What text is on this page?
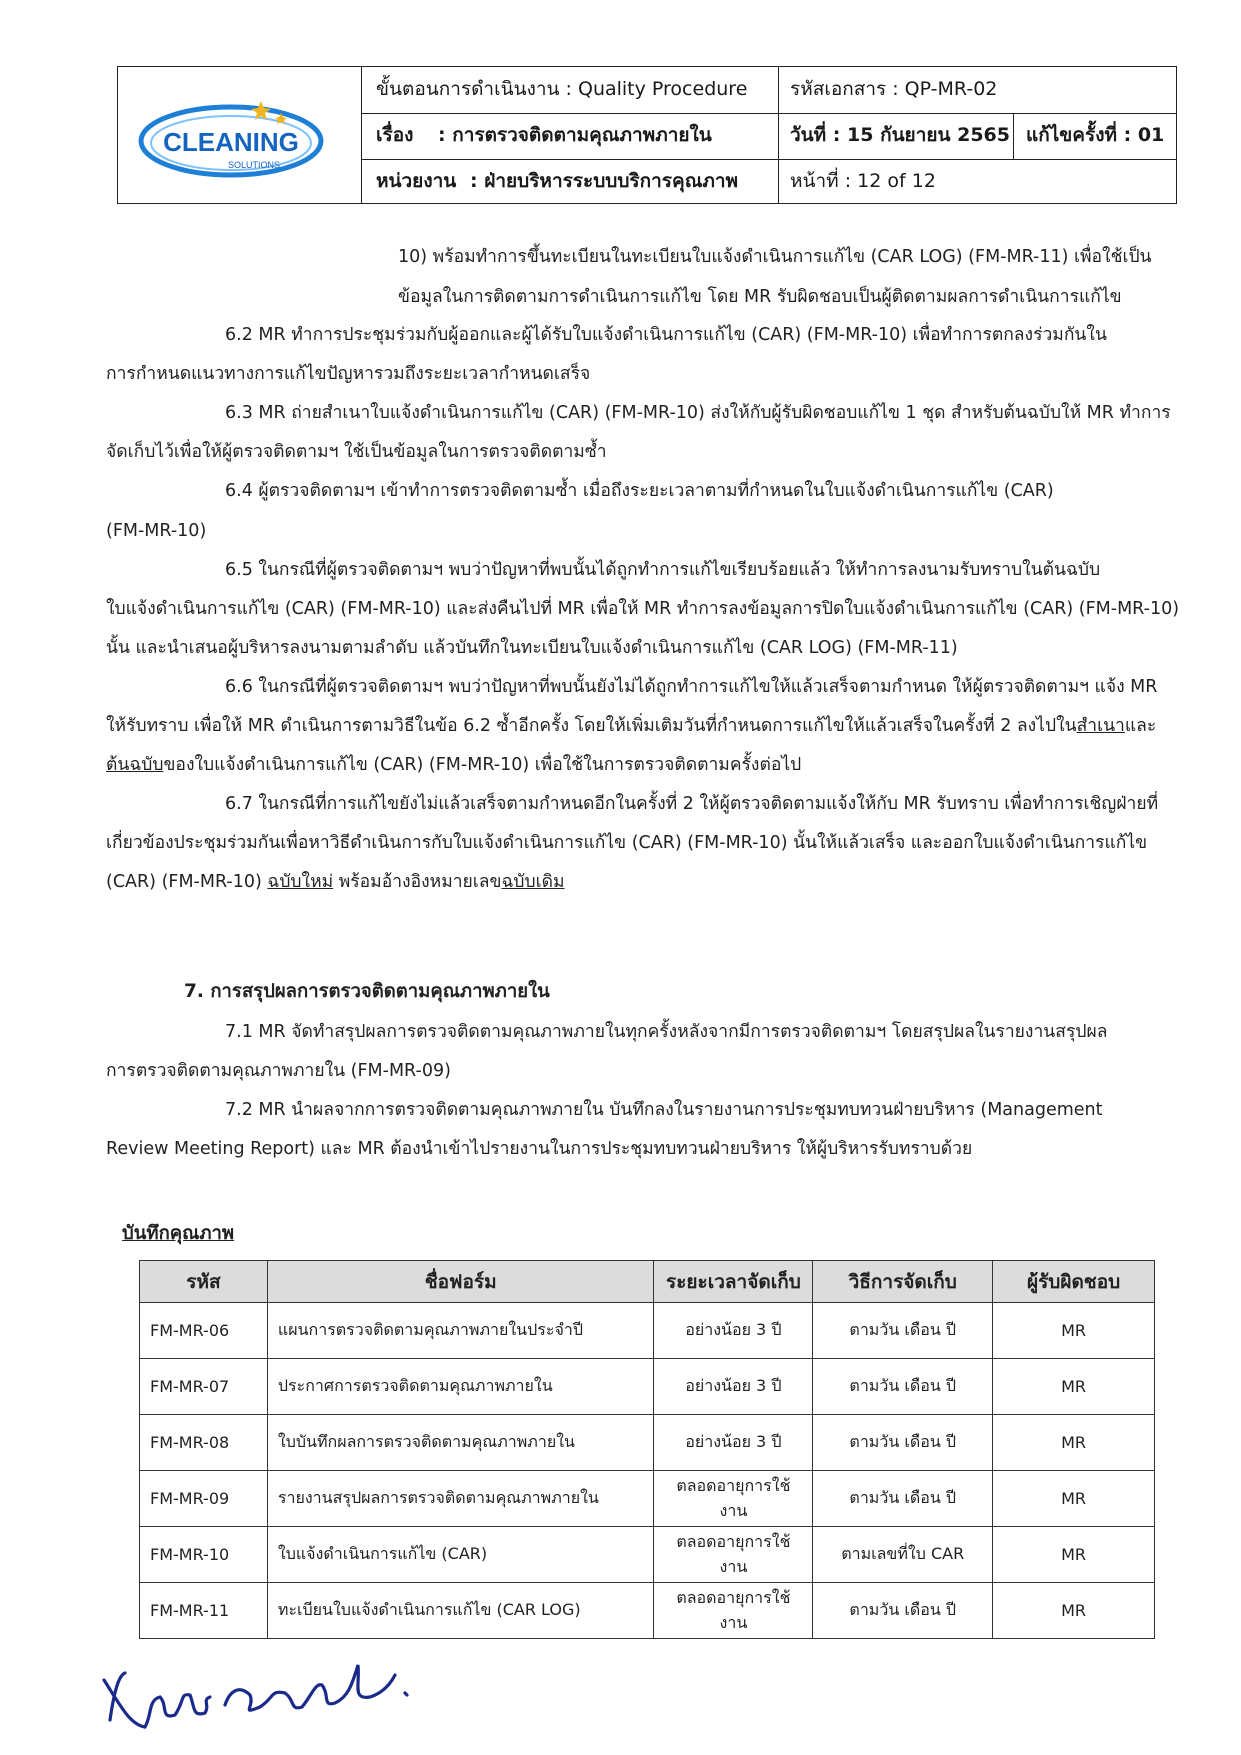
CLEANING
SOLUTIONS
ขั้นตอนการดำเนินงาน : Quality Procedure รหัสเอกสาร : QP-MR-02
เรื่อง : การตรวจติดตามคุณภาพภายใน	วันที่ : 15 กันยายน 2565 แก้ไขครั้งที่ : 01
หน่วยงาน : ฝ่ายบริหารระบบบริการคุณภาพ	หน้าที่ : 12 of 12
10) พร้อมทำการขึ้นทะเบียนในทะเบียนใบแจ้งดำเนินการแก้ไข (CAR LOG) (FM-MR-11) เพื่อใช้เป็น
ข้อมูลในการติดตามการดำเนินการแก้ไข โดย MR รับผิดชอบเป็นผู้ติดตามผลการดำเนินการแก้ไข
6.2 MR ทำการประชุมร่วมกับผู้ออกและผู้ได้รับใบแจ้งดำเนินการแก้ไข (CAR) (FM-MR-10) เพื่อทำการตกลงร่วมกันใน
การกำหนดแนวทางการแก้ไขปัญหารวมถึงระยะเวลากำหนดเสร็จ
6.3 MR ถ่ายสำเนาใบแจ้งดำเนินการแก้ไข (CAR) (FM-MR-10) ส่งให้กับผู้รับผิดชอบแก้ไข 1 ชุด สำหรับต้นฉบับให้ MR ทำการ
จัดเก็บไว้เพื่อให้ผู้ตรวจติดตามฯ ใช้เป็นข้อมูลในการตรวจติดตามซ้ำ
6.4 ผู้ตรวจติดตามฯ เข้าทำการตรวจติดตามซ้ำ เมื่อถึงระยะเวลาตามที่กำหนดในใบแจ้งดำเนินการแก้ไข (CAR)
(FM-MR-10)
6.5 ในกรณีที่ผู้ตรวจติดตามฯ พบว่าปัญหาที่พบนั้นได้ถูกทำการแก้ไขเรียบร้อยแล้ว ให้ทำการลงนามรับทราบในต้นฉบับ
ใบแจ้งดำเนินการแก้ไข (CAR) (FM-MR-10) และส่งคืนไปที่ MR เพื่อให้ MR ทำการลงข้อมูลการปิดใบแจ้งดำเนินการแก้ไข (CAR) (FM-MR-10)
นั้น และนำเสนอผู้บริหารลงนามตามลำดับ แล้วบันทึกในทะเบียนใบแจ้งดำเนินการแก้ไข (CAR LOG) (FM-MR-11)
6.6 ในกรณีที่ผู้ตรวจติดตามฯ พบว่าปัญหาที่พบนั้นยังไม่ได้ถูกทำการแก้ไขให้แล้วเสร็จตามกำหนด ให้ผู้ตรวจติดตามฯ แจ้ง MR
ให้รับทราบ เพื่อให้ MR ดำเนินการตามวิธีในข้อ 6.2 ซ้ำอีกครั้ง โดยให้เพิ่มเติมวันที่กำหนดการแก้ไขให้แล้วเสร็จในครั้งที่ 2 ลงไปในสำเนาและ
ต้นฉบับของใบแจ้งดำเนินการแก้ไข (CAR) (FM-MR-10) เพื่อใช้ในการตรวจติดตามครั้งต่อไป
6.7 ในกรณีที่การแก้ไขยังไม่แล้วเสร็จตามกำหนดอีกในครั้งที่ 2 ให้ผู้ตรวจติดตามแจ้งให้กับ MR รับทราบ เพื่อทำการเชิญฝ่ายที่
เกี่ยวข้องประชุมร่วมกันเพื่อหาวิธีดำเนินการกับใบแจ้งดำเนินการแก้ไข (CAR) (FM-MR-10) นั้นให้แล้วเสร็จ และออกใบแจ้งดำเนินการแก้ไข
(CAR) (FM-MR-10) ฉบับใหม่ พร้อมอ้างอิงหมายเลขฉบับเดิม
7. การสรุปผลการตรวจติดตามคุณภาพภายใน
7.1 MR จัดทำสรุปผลการตรวจติดตามคุณภาพภายในทุกครั้งหลังจากมีการตรวจติดตามฯ โดยสรุปผลในรายงานสรุปผล
การตรวจติดตามคุณภาพภายใน (FM-MR-09)
7.2 MR นำผลจากการตรวจติดตามคุณภาพภายใน บันทึกลงในรายงานการประชุมทบทวนฝ่ายบริหาร (Management
Review Meeting Report) และ MR ต้องนำเข้าไปรายงานในการประชุมทบทวนฝ่ายบริหาร ให้ผู้บริหารรับทราบด้วย
บันทึกคุณภาพ
รหัส	ชื่อฟอร์ม	ระยะเวลาจัดเก็บ	วิธีการจัดเก็บ	ผู้รับผิดชอบ
FM-MR-06	แผนการตรวจติดตามคุณภาพภายในประจำปี	อย่างน้อย 3 ปี	ตามวัน เดือน ปี	MR
FM-MR-07	ประกาศการตรวจติดตามคุณภาพภายใน	อย่างน้อย 3 ปี	ตามวัน เดือน ปี	MR
FM-MR-08	ใบบันทึกผลการตรวจติดตามคุณภาพภายใน	อย่างน้อย 3 ปี	ตามวัน เดือน ปี	MR
FM-MR-09	รายงานสรุปผลการตรวจติดตามคุณภาพภายใน	ตลอดอายุการใช้งาน	ตามวัน เดือน ปี	MR
FM-MR-10	ใบแจ้งดำเนินการแก้ไข (CAR)	ตลอดอายุการใช้งาน	ตามเลขที่ใบ CAR	MR
FM-MR-11	ทะเบียนใบแจ้งดำเนินการแก้ไข (CAR LOG)	ตลอดอายุการใช้งาน	ตามวัน เดือน ปี	MR
